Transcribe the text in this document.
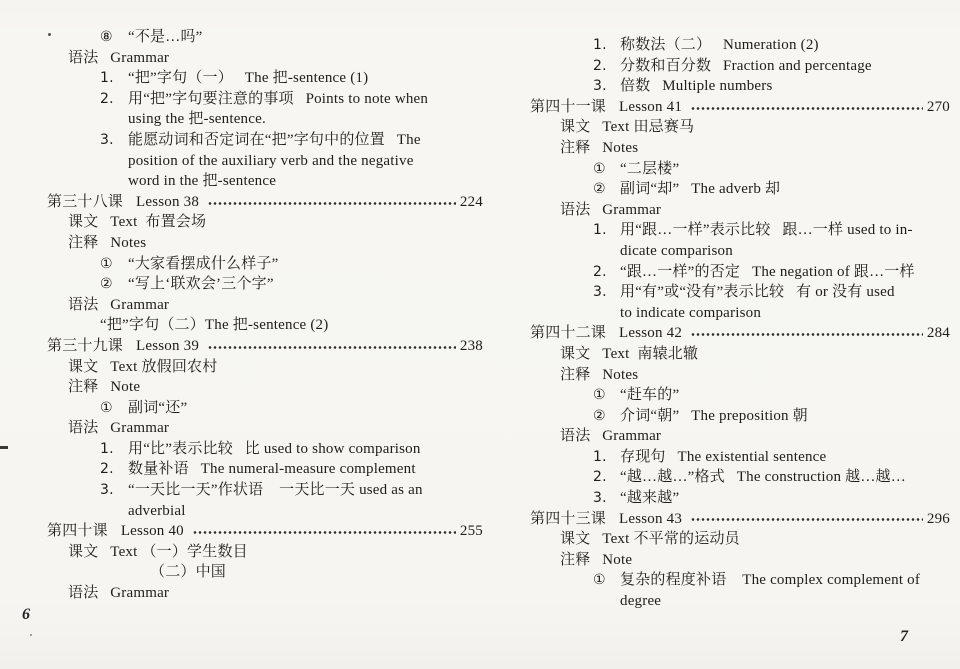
⑧ “不是…吗”
语法   Grammar
1. “把”字句（一）   The 把-sentence (1)
2. 用“把”字句要注意的事项   Points to note when
using the 把-sentence.
3. 能愿动词和否定词在“把”字句中的位置   The
position of the auxiliary verb and the negative
word in the 把-sentence
第三十八课 Lesson 38	224
课文   Text  布置会场
注释   Notes
① “大家看摆成什么样子”
② “写上‘联欢会’三个字”
语法   Grammar
“把”字句（二）The 把-sentence (2)
第三十九课 Lesson 39	238
课文   Text 放假回农村
注释   Note
① 副词“还”
语法   Grammar
1. 用“比”表示比较   比 used to show comparison
2. 数量补语   The numeral-measure complement
3. “一天比一天”作状语    一天比一天 used as an
adverbial
第四十课 Lesson 40	255
课文   Text （一）学生数目
（二）中国
语法   Grammar
1. 称数法（二）   Numeration (2)
2. 分数和百分数   Fraction and percentage
3. 倍数   Multiple numbers
第四十一课 Lesson 41	270
课文   Text 田忌赛马
注释   Notes
① “二层楼”
② 副词“却”   The adverb 却
语法   Grammar
1. 用“跟…一样”表示比较   跟…一样 used to in-
dicate comparison
2. “跟…一样”的否定   The negation of 跟…一样
3. 用“有”或“没有”表示比较   有 or 没有 used
to indicate comparison
第四十二课 Lesson 42	284
课文   Text  南辕北辙
注释   Notes
① “赶车的”
② 介词“朝”   The preposition 朝
语法   Grammar
1. 存现句   The existential sentence
2. “越…越…”格式   The construction 越…越…
3. “越来越”
第四十三课 Lesson 43	296
课文   Text 不平常的运动员
注释   Note
① 复杂的程度补语    The complex complement of
degree
6
7
